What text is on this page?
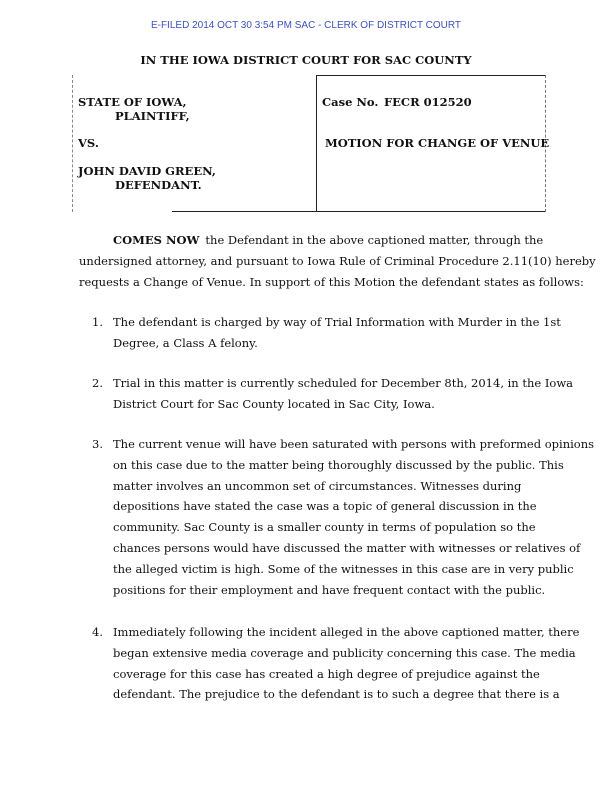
E-FILED 2014 OCT 30 3:54 PM SAC - CLERK OF DISTRICT COURT
IN THE IOWA DISTRICT COURT FOR SAC COUNTY
STATE OF IOWA,
PLAINTIFF,
VS.
JOHN DAVID GREEN,
DEFENDANT.
Case No. FECR 012520
MOTION FOR CHANGE OF VENUE
COMES NOW the Defendant in the above captioned matter, through the
undersigned attorney, and pursuant to Iowa Rule of Criminal Procedure 2.11(10) hereby
requests a Change of Venue. In support of this Motion the defendant states as follows:
1. The defendant is charged by way of Trial Information with Murder in the 1st
Degree, a Class A felony.
2. Trial in this matter is currently scheduled for December 8th, 2014, in the Iowa
District Court for Sac County located in Sac City, Iowa.
3. The current venue will have been saturated with persons with preformed opinions
on this case due to the matter being thoroughly discussed by the public. This
matter involves an uncommon set of circumstances. Witnesses during
depositions have stated the case was a topic of general discussion in the
community. Sac County is a smaller county in terms of population so the
chances persons would have discussed the matter with witnesses or relatives of
the alleged victim is high. Some of the witnesses in this case are in very public
positions for their employment and have frequent contact with the public.
4. Immediately following the incident alleged in the above captioned matter, there
began extensive media coverage and publicity concerning this case. The media
coverage for this case has created a high degree of prejudice against the
defendant. The prejudice to the defendant is to such a degree that there is a
